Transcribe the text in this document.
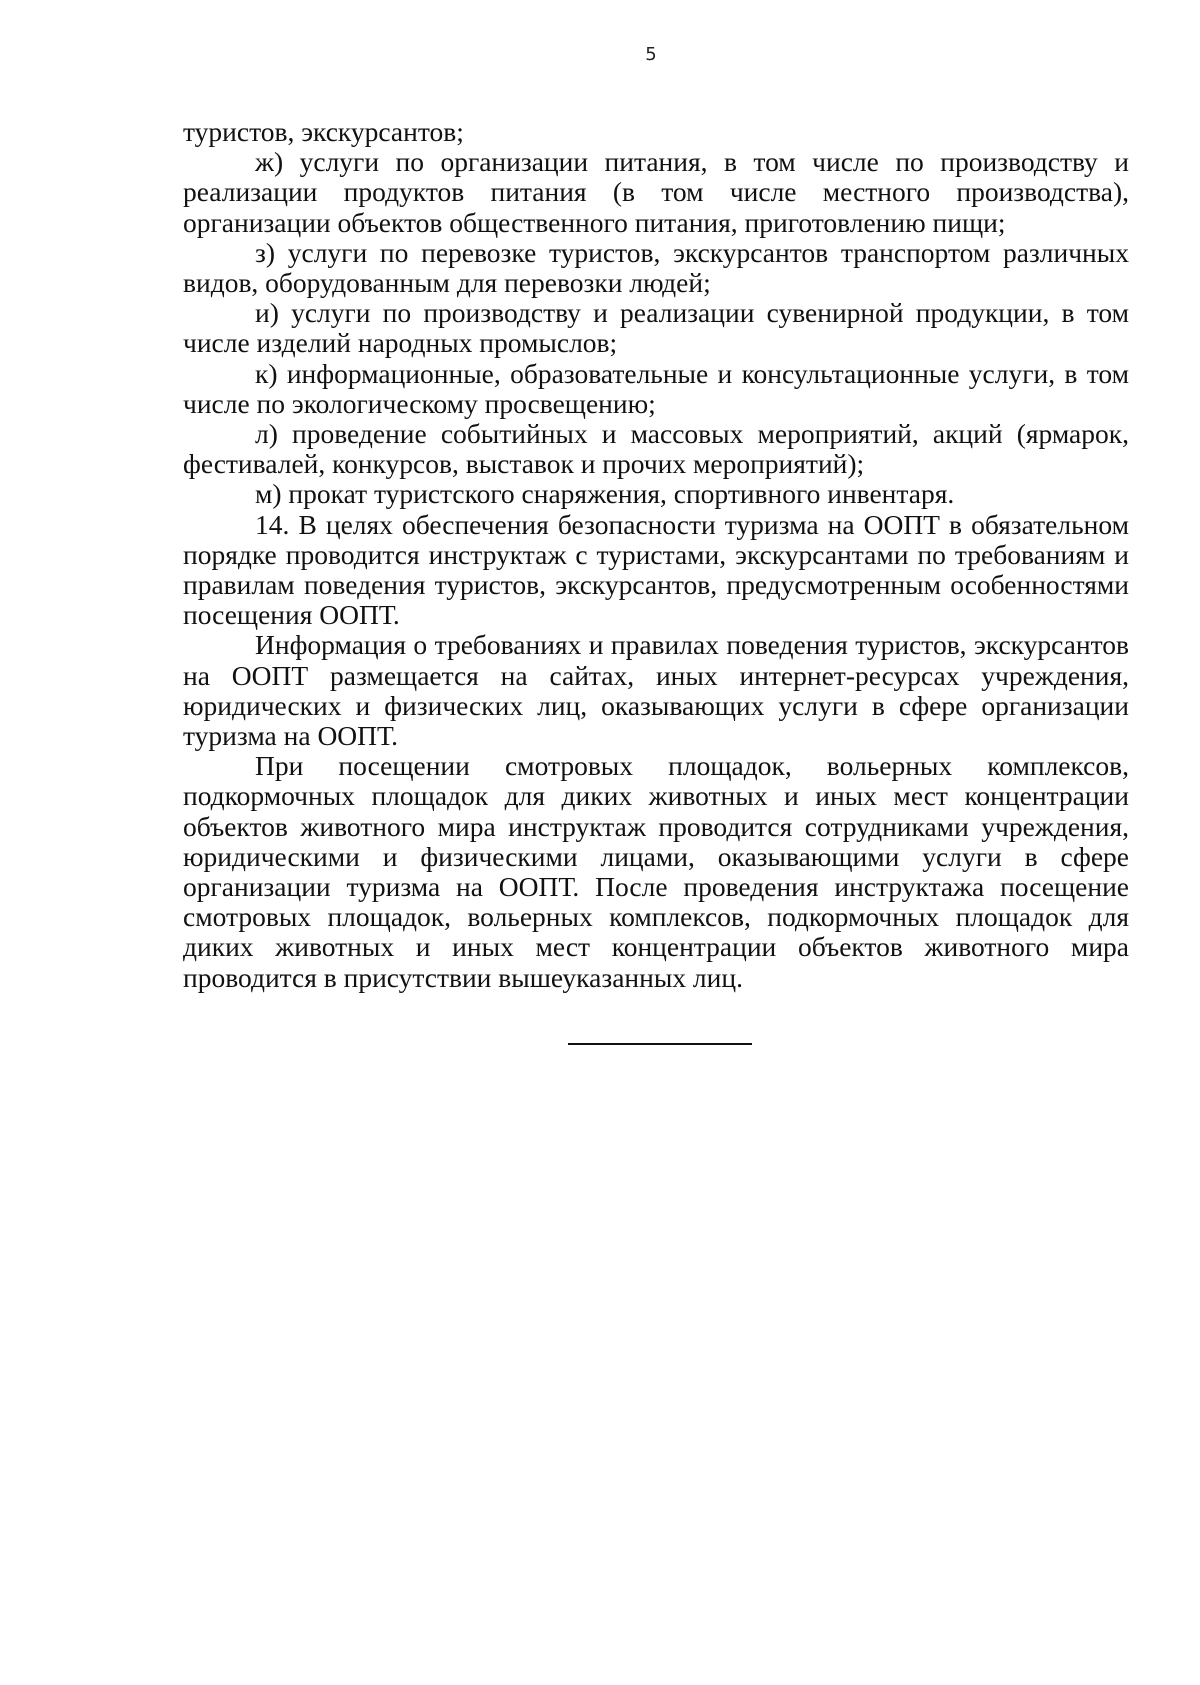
5

туристов, экскурсантов;

ж) услуги по организации питания, в том числе по производству и реализации продуктов питания (в том числе местного производства), организации объектов общественного питания, приготовлению пищи;

з) услуги по перевозке туристов, экскурсантов транспортом различных видов, оборудованным для перевозки людей;

и) услуги по производству и реализации сувенирной продукции, в том числе изделий народных промыслов;

к) информационные, образовательные и консультационные услуги, в том числе по экологическому просвещению;

л) проведение событийных и массовых мероприятий, акций (ярмарок, фестивалей, конкурсов, выставок и прочих мероприятий);

м) прокат туристского снаряжения, спортивного инвентаря.

14. В целях обеспечения безопасности туризма на ООПТ в обязательном порядке проводится инструктаж с туристами, экскурсантами по требованиям и правилам поведения туристов, экскурсантов, предусмотренным особенностями посещения ООПТ.

Информация о требованиях и правилах поведения туристов, экскурсантов на ООПТ размещается на сайтах, иных интернет-ресурсах учреждения, юридических и физических лиц, оказывающих услуги в сфере организации туризма на ООПТ.

При посещении смотровых площадок, вольерных комплексов, подкормочных площадок для диких животных и иных мест концентрации объектов животного мира инструктаж проводится сотрудниками учреждения, юридическими и физическими лицами, оказывающими услуги в сфере организации туризма на ООПТ. После проведения инструктажа посещение смотровых площадок, вольерных комплексов, подкормочных площадок для диких животных и иных мест концентрации объектов животного мира проводится в присутствии вышеуказанных лиц.
